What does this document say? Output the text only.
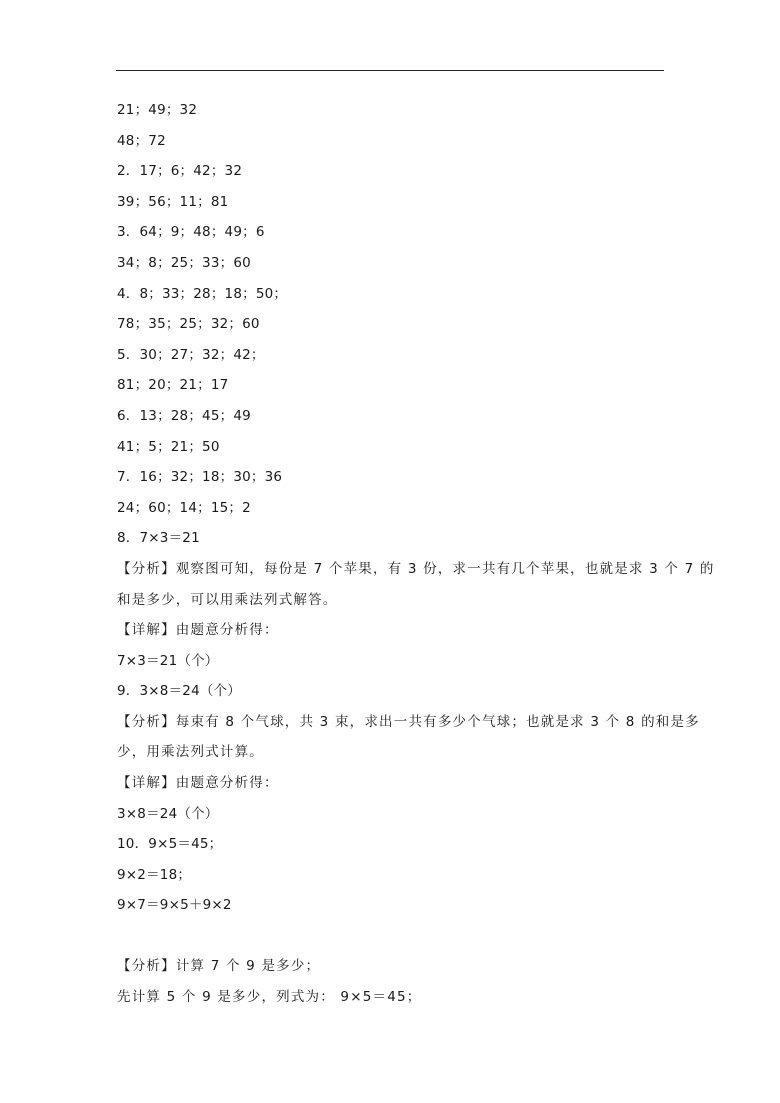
21；49；32
48；72
2．17；6；42；32
39；56；11；81
3．64；9；48；49；6
34；8；25；33；60
4．8；33；28；18；50；
78；35；25；32；60
5．30；27；32；42；
81；20；21；17
6．13；28；45；49
41；5；21；50
7．16；32；18；30；36
24；60；14；15；2
8．7×3＝21
【分析】观察图可知，每份是 7 个苹果，有 3 份，求一共有几个苹果，也就是求 3 个 7 的
和是多少，可以用乘法列式解答。
【详解】由题意分析得：
7×3＝21（个）
9．3×8＝24（个）
【分析】每束有 8 个气球，共 3 束，求出一共有多少个气球；也就是求 3 个 8 的和是多
少，用乘法列式计算。
【详解】由题意分析得：
3×8＝24（个）
10．9×5＝45；
9×2＝18；
9×7＝9×5＋9×2
【分析】计算 7 个 9 是多少；
先计算 5 个 9 是多少，列式为： 9×5＝45；
